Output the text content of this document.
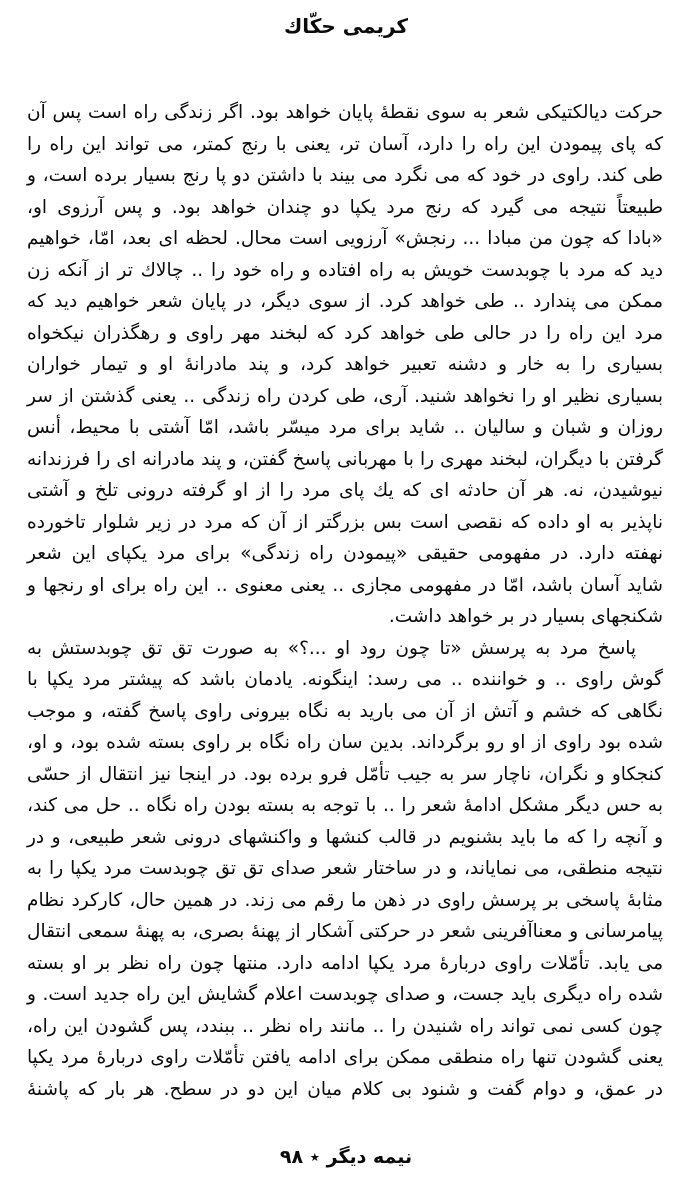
كريمى حكّاك
حركت ديالكتيكى شعر به سوى نقطۀ پايان خواهد بود. اگر زندگى راه است پس آن
كه پاى پيمودن اين راه را دارد، آسان تر، يعنى با رنج كمتر، مى تواند اين راه را
طى كند. راوى در خود كه مى نگرد مى بيند با داشتن دو پا رنج بسيار برده است، و
طبيعتاً نتيجه مى گيرد كه رنج مرد يكپا دو چندان خواهد بود. و پس آرزوى او،
«بادا كه چون من مبادا ... رنجش» آرزويى است محال. لحظه اى بعد، امّا، خواهيم
ديد كه مرد با چوبدست خويش به راه افتاده و راه خود را .. چالاك تر از آنكه زن
ممكن مى پندارد .. طى خواهد كرد. از سوى ديگر، در پايان شعر خواهيم ديد كه
مرد اين راه را در حالى طى خواهد كرد كه لبخند مهر راوى و رهگذران نيكخواه
بسيارى را به خار و دشنه تعبير خواهد كرد، و پند مادرانۀ او و تيمار خواران
بسيارى نظير او را نخواهد شنيد. آرى، طى كردن راه زندگى .. يعنى گذشتن از سر
روزان و شبان و ساليان .. شايد براى مرد ميسّر باشد، امّا آشتى با محيط، أنس
گرفتن با ديگران، لبخند مهرى را با مهربانى پاسخ گفتن، و پند مادرانه اى را فرزندانه
نيوشيدن، نه. هر آن حادثه اى كه يك پاى مرد را از او گرفته درونى تلخ و آشتى
ناپذير به او داده كه نقصى است بس بزرگتر از آن كه مرد در زير شلوار تاخورده
نهفته دارد. در مفهومى حقيقى «پيمودن راه زندگى» براى مرد يكپاى اين شعر
شايد آسان باشد، امّا در مفهومى مجازى .. يعنى معنوى .. اين راه براى او رنجها و
شكنجهاى بسيار در بر خواهد داشت.
پاسخ مرد به پرسش «تا چون رود او ...؟» به صورت تق تق چوبدستش به
گوش راوى .. و خواننده .. مى رسد: اينگونه. يادمان باشد كه پيشتر مرد يكپا با
نگاهى كه خشم و آتش از آن مى باريد به نگاه بيرونى راوى پاسخ گفته، و موجب
شده بود راوى از او رو برگرداند. بدين سان راه نگاه بر راوى بسته شده بود، و او،
كنجكاو و نگران، ناچار سر به جيب تأمّل فرو برده بود. در اينجا نيز انتقال از حسّى
به حس ديگر مشكل ادامۀ شعر را .. با توجه به بسته بودن راه نگاه .. حل مى كند،
و آنچه را كه ما بايد بشنويم در قالب كنشها و واكنشهاى درونى شعر طبيعى، و در
نتيجه منطقى، مى نماياند، و در ساختار شعر صداى تق تق چوبدست مرد يكپا را به
مثابۀ پاسخى بر پرسش راوى در ذهن ما رقم مى زند. در همين حال، كاركرد نظام
پيامرسانى و معناآفرينى شعر در حركتى آشكار از پهنۀ بصرى، به پهنۀ سمعى انتقال
مى يابد. تأمّلات راوى دربارۀ مرد يكپا ادامه دارد. منتها چون راه نظر بر او بسته
شده راه ديگرى بايد جست، و صداى چوبدست اعلام گشايش اين راه جديد است. و
چون كسى نمى تواند راه شنيدن را .. مانند راه نظر .. ببندد، پس گشودن اين راه،
يعنى گشودن تنها راه منطقى ممكن براى ادامه يافتن تأمّلات راوى دربارۀ مرد يكپا
در عمق، و دوام گفت و شنود بى كلام ميان اين دو در سطح. هر بار كه پاشنۀ
نيمه ديگر ٭ ٩٨
